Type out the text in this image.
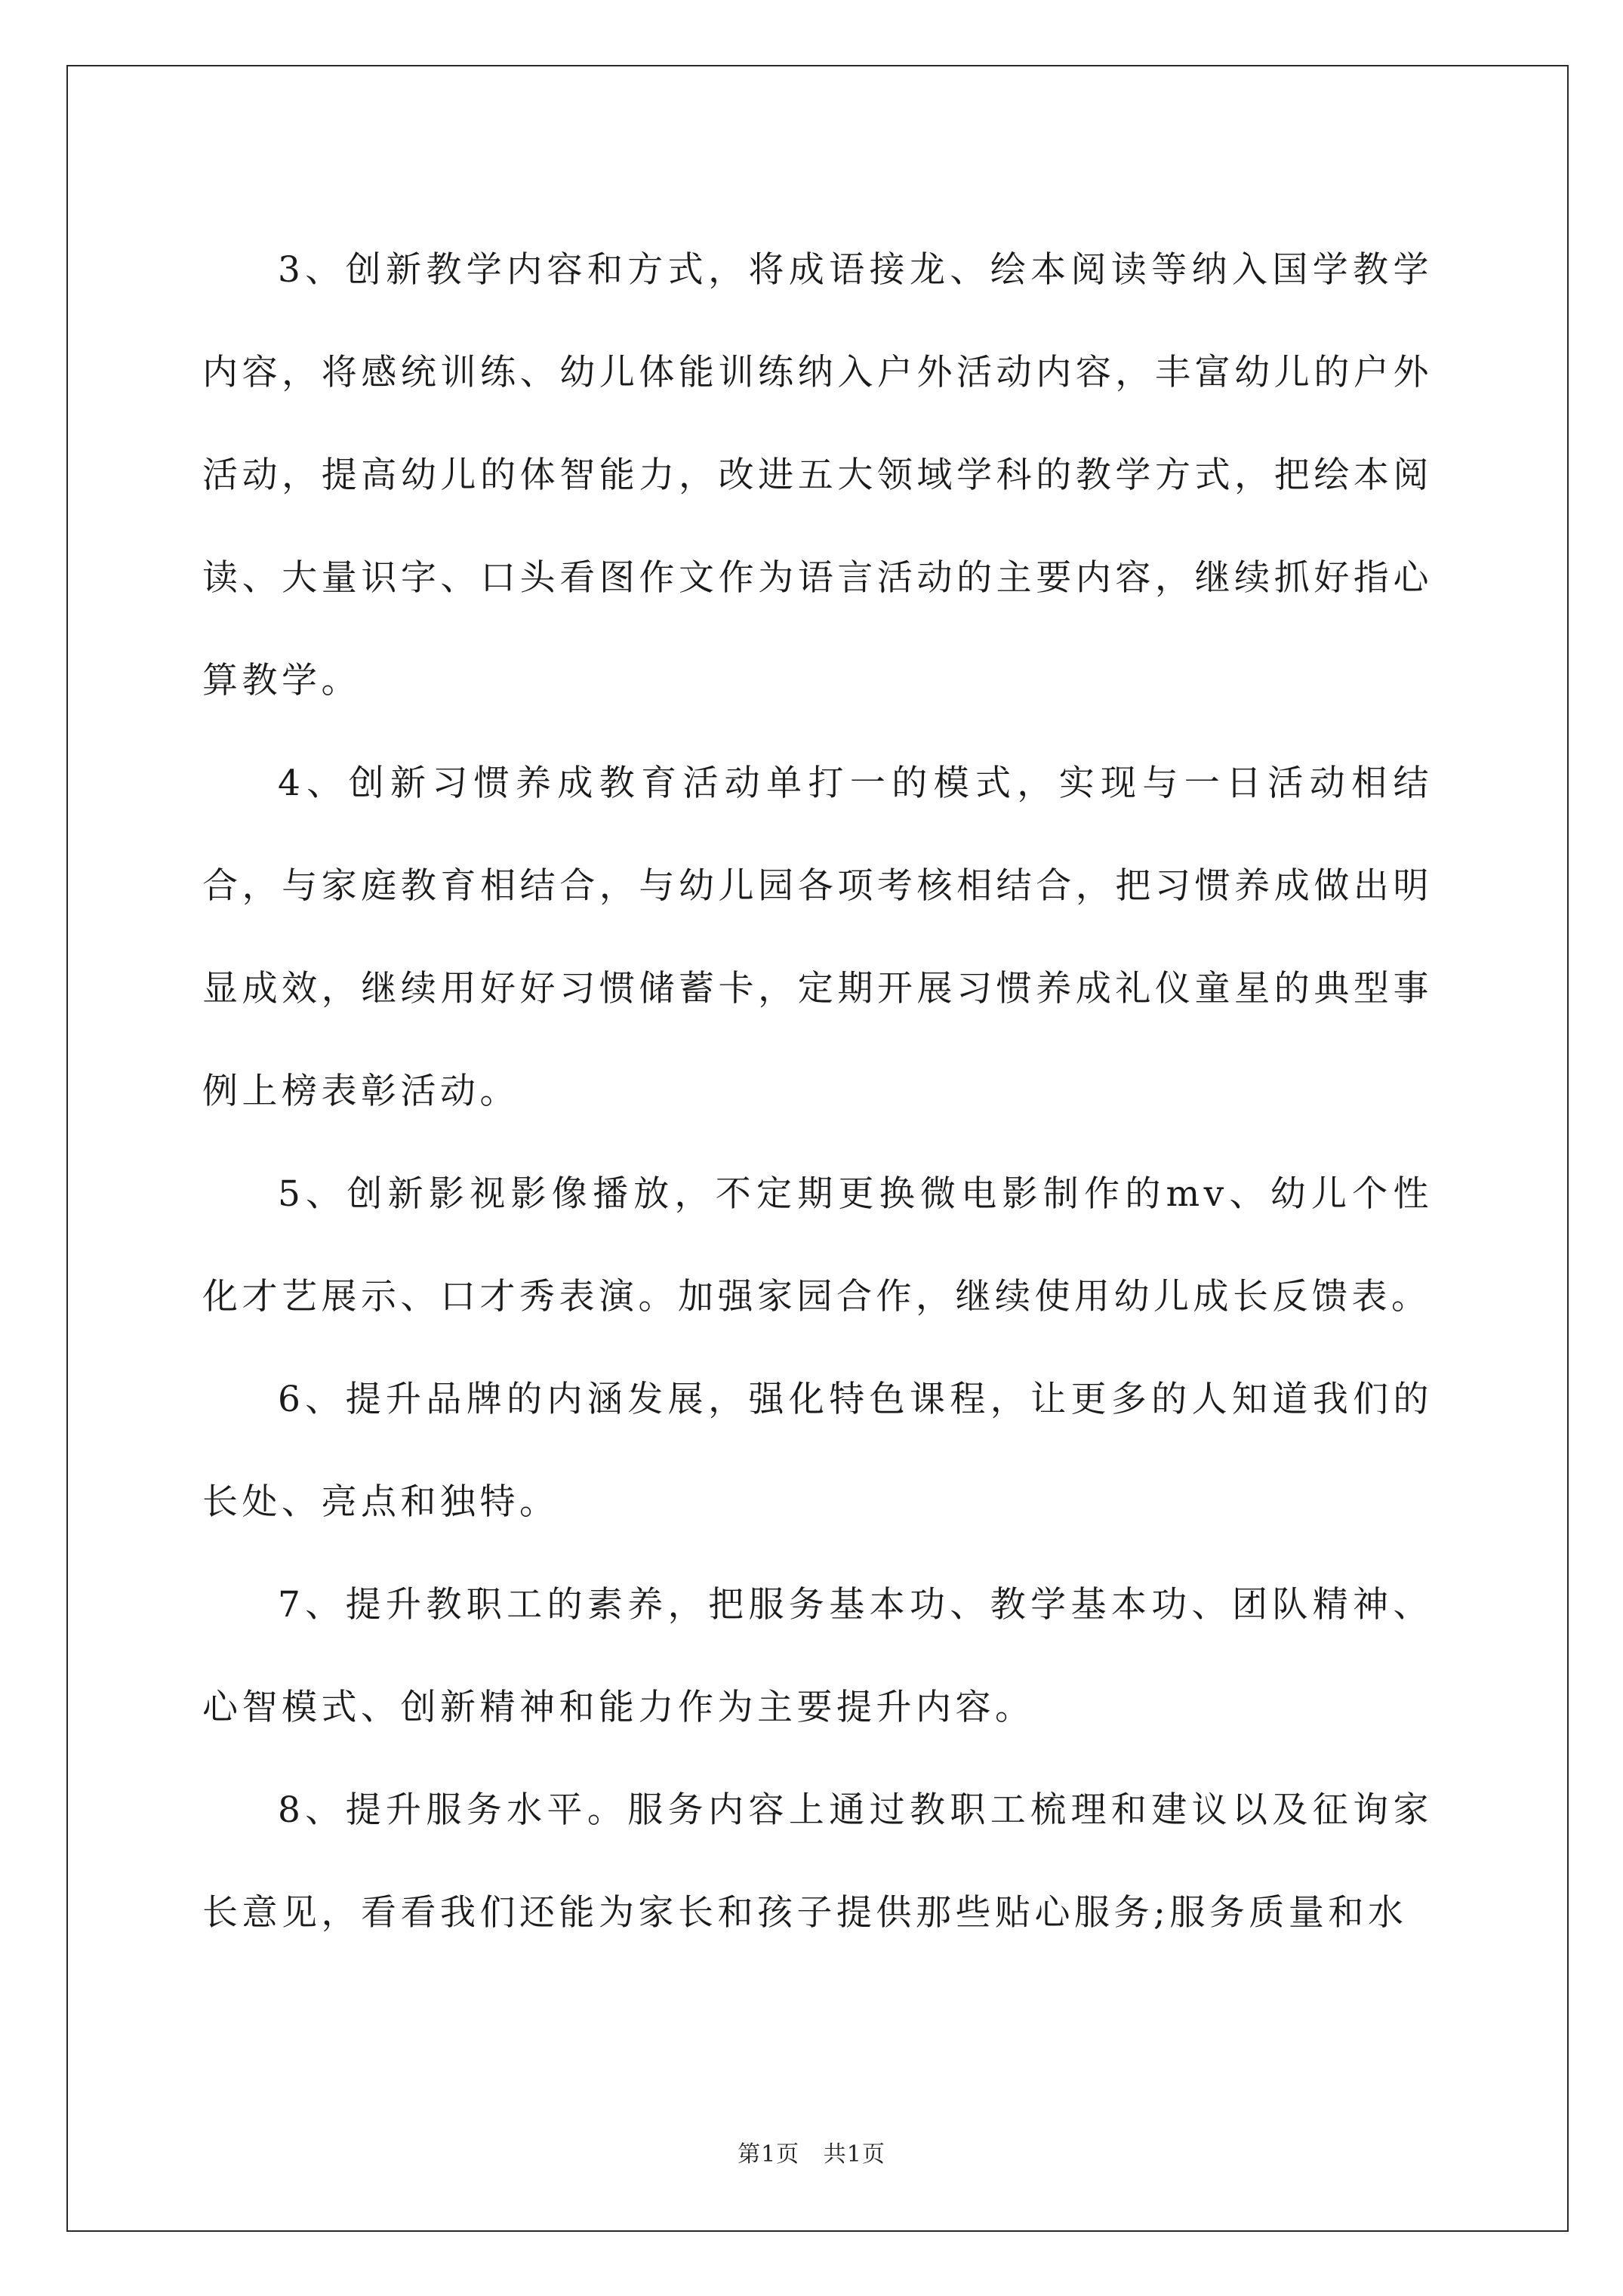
3、创新教学内容和方式，将成语接龙、绘本阅读等纳入国学教学内容，将感统训练、幼儿体能训练纳入户外活动内容，丰富幼儿的户外活动，提高幼儿的体智能力，改进五大领域学科的教学方式，把绘本阅读、大量识字、口头看图作文作为语言活动的主要内容，继续抓好指心算教学。

4、创新习惯养成教育活动单打一的模式，实现与一日活动相结合，与家庭教育相结合，与幼儿园各项考核相结合，把习惯养成做出明显成效，继续用好好习惯储蓄卡，定期开展习惯养成礼仪童星的典型事例上榜表彰活动。

5、创新影视影像播放，不定期更换微电影制作的mv、幼儿个性化才艺展示、口才秀表演。加强家园合作，继续使用幼儿成长反馈表。

6、提升品牌的内涵发展，强化特色课程，让更多的人知道我们的长处、亮点和独特。

7、提升教职工的素养，把服务基本功、教学基本功、团队精神、心智模式、创新精神和能力作为主要提升内容。

8、提升服务水平。服务内容上通过教职工梳理和建议以及征询家长意见，看看我们还能为家长和孩子提供那些贴心服务;服务质量和水

第1页 共1页
